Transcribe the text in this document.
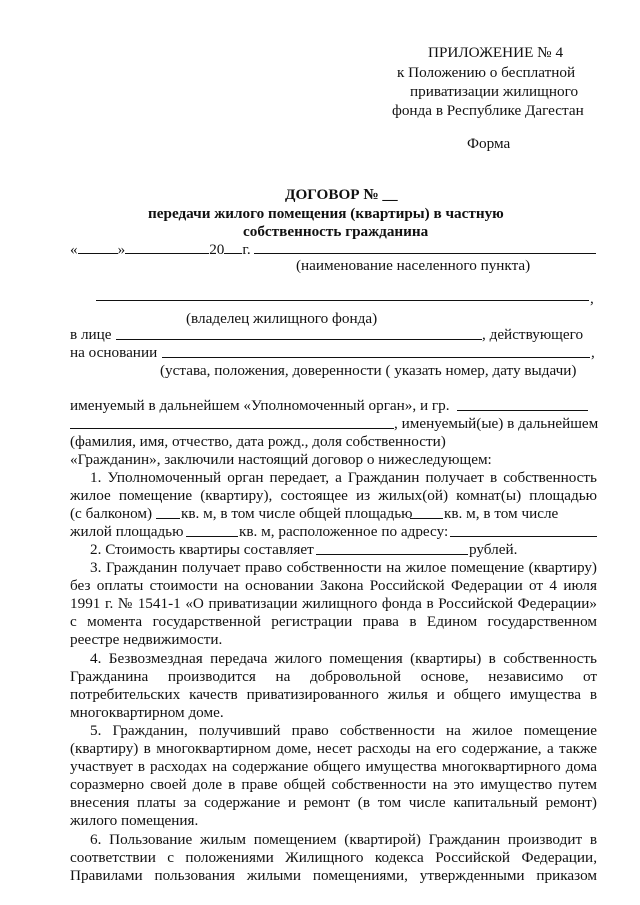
ПРИЛОЖЕНИЕ № 4
к Положению о бесплатной
приватизации жилищного
фонда в Республике Дагестан
Форма
ДОГОВОР № __
передачи жилого помещения (квартиры) в частную
собственность гражданина
«	»	20 г.
(наименование населенного пункта)
,
(владелец жилищного фонда)
в лице	, действующего
на основании	,
(устава, положения, доверенности ( указать номер, дату выдачи)
именуемый в дальнейшем «Уполномоченный орган», и гр.
, именуемый(ые) в дальнейшем
(фамилия, имя, отчество, дата рожд., доля собственности)
«Гражданин», заключили настоящий договор о нижеследующем:
1. Уполномоченный орган передает, а Гражданин получает в собственность
жилое помещение (квартиру), состоящее из жилых(ой) комнат(ы) площадью
(с балконом) кв. м, в том числе общей площадью кв. м, в том числе
жилой площадью	кв. м, расположенное по адресу:
2. Стоимость квартиры составляет	рублей.
3. Гражданин получает право собственности на жилое помещение (квартиру)
без оплаты стоимости на основании Закона Российской Федерации от 4 июля
1991 г. № 1541-1 «О приватизации жилищного фонда в Российской Федерации»
с момента государственной регистрации права в Едином государственном
реестре недвижимости.
4. Безвозмездная передача жилого помещения (квартиры) в собственность
Гражданина производится на добровольной основе, независимо от
потребительских качеств приватизированного жилья и общего имущества в
многоквартирном доме.
5. Гражданин, получивший право собственности на жилое помещение
(квартиру) в многоквартирном доме, несет расходы на его содержание, а также
участвует в расходах на содержание общего имущества многоквартирного дома
соразмерно своей доле в праве общей собственности на это имущество путем
внесения платы за содержание и ремонт (в том числе капитальный ремонт)
жилого помещения.
6. Пользование жилым помещением (квартирой) Гражданин производит в
соответствии с положениями Жилищного кодекса Российской Федерации,
Правилами пользования жилыми помещениями, утвержденными приказом
